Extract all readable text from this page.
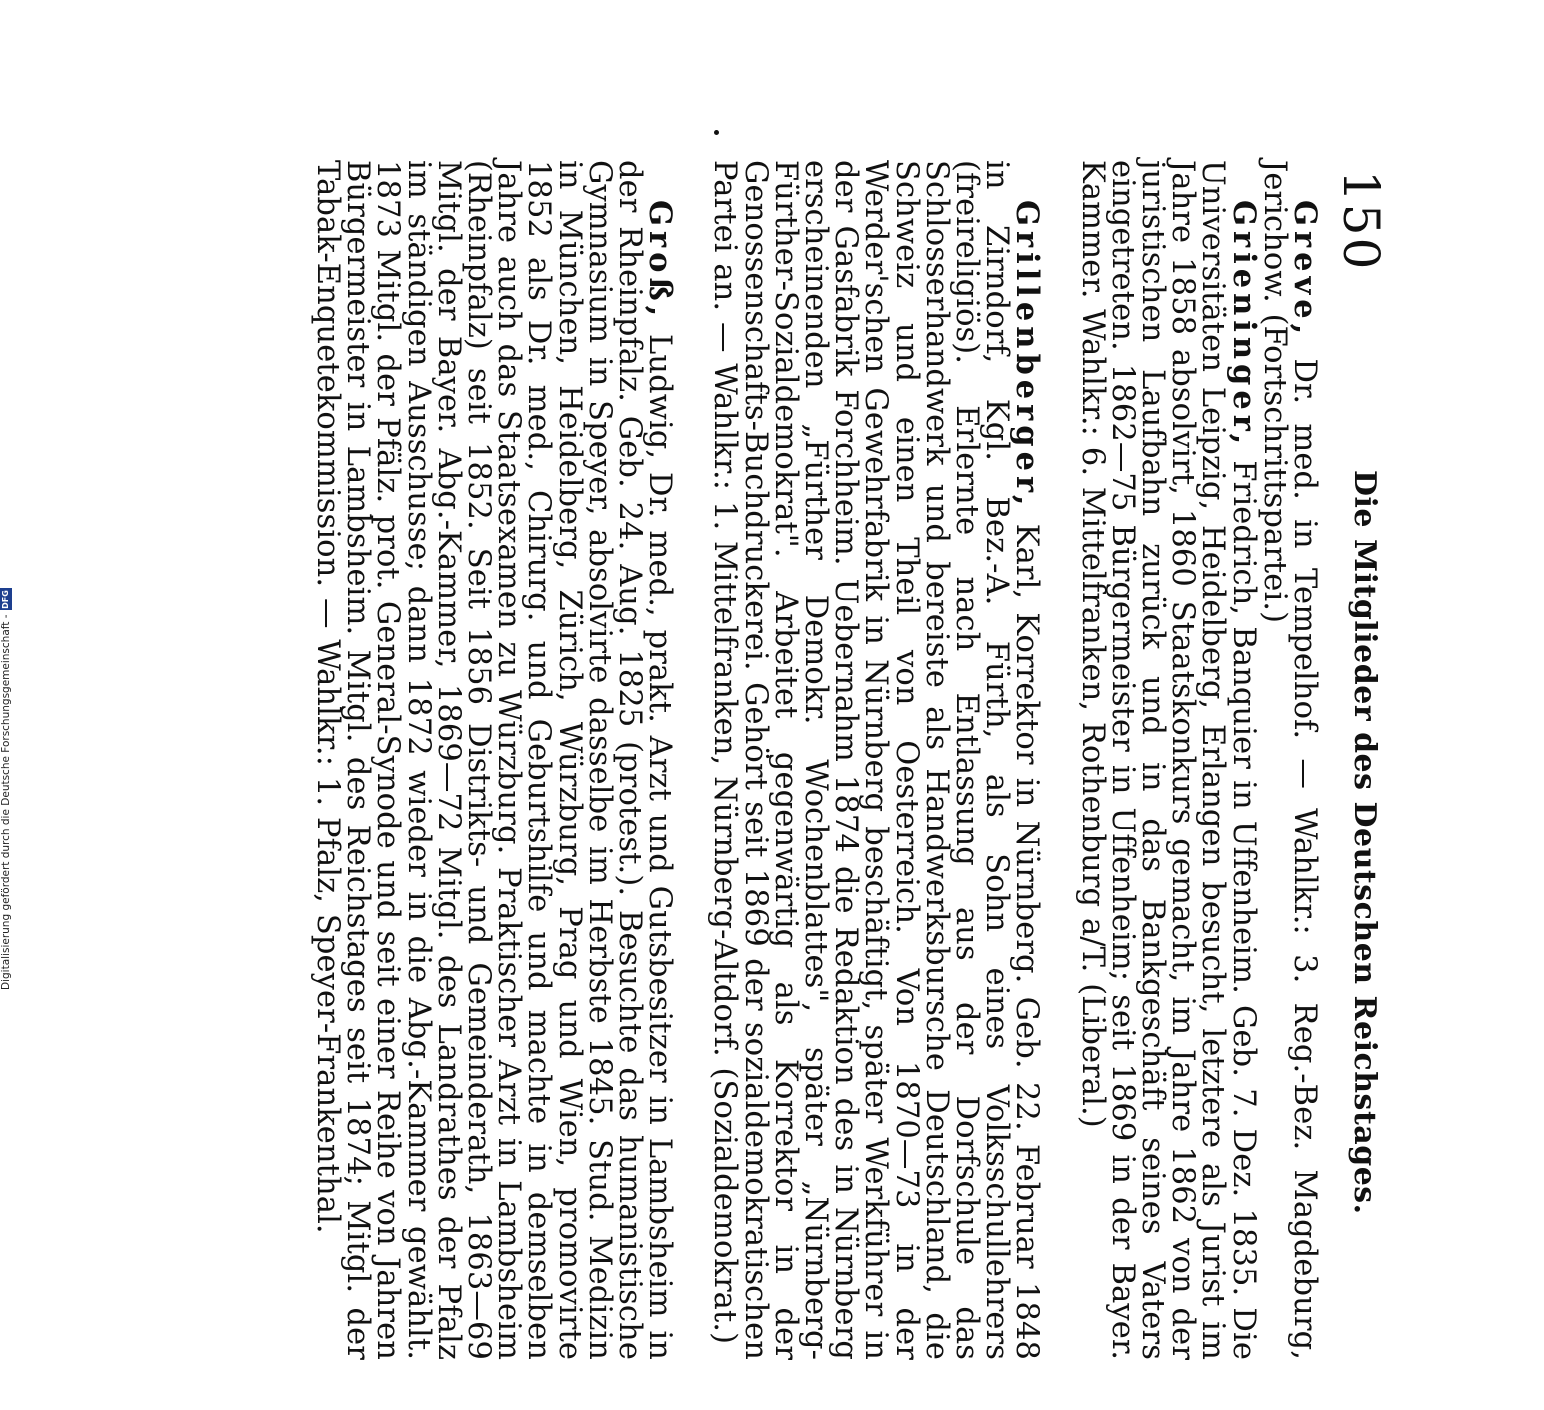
150
Die Mitglieder des Deutschen Reichstages.

Greve, Dr. med. in Tempelhof. — Wahlkr.: 3. Reg.-Bez. Magdeburg, Jerichow. (Fortschrittspartei.)

Grieninger, Friedrich, Banquier in Uffenheim. Geb. 7. Dez. 1835. Die Universitäten Leipzig, Heidelberg, Erlangen besucht, letztere als Jurist im Jahre 1858 absolvirt, 1860 Staatskonkurs gemacht, im Jahre 1862 von der juristischen Laufbahn zurück und in das Bankgeschäft seines Vaters eingetreten. 1862—75 Bürgermeister in Uffenheim; seit 1869 in der Bayer. Kammer. Wahlkr.: 6. Mittelfranken, Rothenburg a/T. (Liberal.)

Grillenberger, Karl, Korrektor in Nürnberg. Geb. 22. Februar 1848 in Zirndorf, Kgl. Bez.-A. Fürth, als Sohn eines Volksschullehrers (freireligiös). Erlernte nach Entlassung aus der Dorfschule das Schlosserhandwerk und bereiste als Handwerksbursche Deutschland, die Schweiz und einen Theil von Oesterreich. Von 1870—73 in der Werder'schen Gewehrfabrik in Nürnberg beschäftigt, später Werkführer in der Gasfabrik Forchheim. Uebernahm 1874 die Redaktion des in Nürnberg erscheinenden „Fürther Demokr. Wochenblattes", später „Nürnberg-Fürther-Sozialdemokrat". Arbeitet gegenwärtig als Korrektor in der Genossenschafts-Buchdruckerei. Gehört seit 1869 der sozialdemokratischen Partei an. — Wahlkr.: 1. Mittelfranken, Nürnberg-Altdorf. (Sozialdemokrat.)

Groß, Ludwig, Dr. med., prakt. Arzt und Gutsbesitzer in Lambsheim in der Rheinpfalz. Geb. 24. Aug. 1825 (protest.). Besuchte das humanistische Gymnasium in Speyer, absolvirte dasselbe im Herbste 1845. Stud. Medizin in München, Heidelberg, Zürich, Würzburg, Prag und Wien, promovirte 1852 als Dr. med., Chirurg. und Geburtshilfe und machte in demselben Jahre auch das Staatsexamen zu Würzburg. Praktischer Arzt in Lambsheim (Rheinpfalz) seit 1852. Seit 1856 Distrikts- und Gemeinderath, 1863—69 Mitgl. der Bayer. Abg.-Kammer, 1869—72 Mitgl. des Landrathes der Pfalz im ständigen Ausschusse; dann 1872 wieder in die Abg.-Kammer gewählt. 1873 Mitgl. der Pfälz. prot. General-Synode und seit einer Reihe von Jahren Bürgermeister in Lambsheim. Mitgl. des Reichstages seit 1874; Mitgl. der Tabak-Enquetekommission. — Wahlkr.: 1. Pfalz, Speyer-Frankenthal.

Digitalisierung gefördert durch die Deutsche Forschungsgemeinschaft -DFG
